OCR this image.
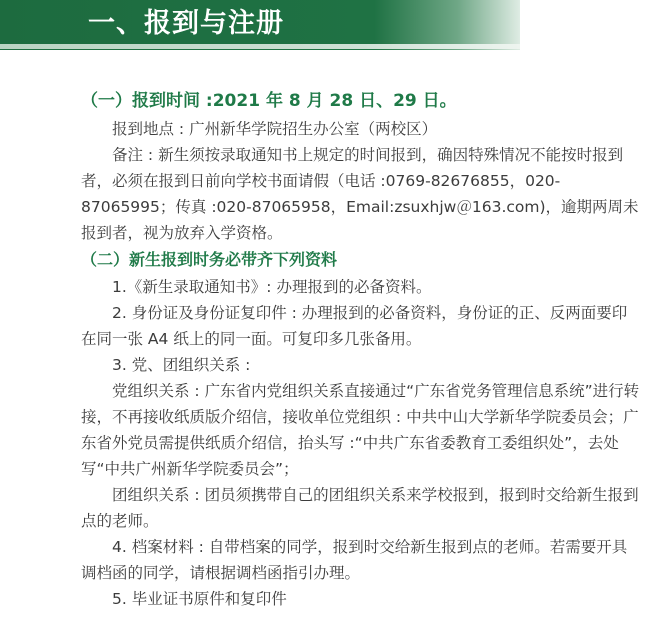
一、报到与注册

（一）报到时间 :2021 年 8 月 28 日、29 日。

报到地点 : 广州新华学院招生办公室（两校区）

备注 : 新生须按录取通知书上规定的时间报到，确因特殊情况不能按时报到者，必须在报到日前向学校书面请假（电话 :0769-82676855，020-87065995；传真 :020-87065958，Email:zsuxhjw＠163.com)，逾期两周未报到者，视为放弃入学资格。

（二）新生报到时务必带齐下列资料

1.《新生录取通知书》: 办理报到的必备资料。

2. 身份证及身份证复印件 : 办理报到的必备资料，身份证的正、反两面要印在同一张 A4 纸上的同一面。可复印多几张备用。

3. 党、团组织关系 :

党组织关系 : 广东省内党组织关系直接通过“广东省党务管理信息系统”进行转接，不再接收纸质版介绍信，接收单位党组织 : 中共中山大学新华学院委员会；广东省外党员需提供纸质介绍信，抬头写 :“中共广东省委教育工委组织处”，去处写“中共广州新华学院委员会”；

团组织关系 : 团员须携带自己的团组织关系来学校报到，报到时交给新生报到点的老师。

4. 档案材料 : 自带档案的同学，报到时交给新生报到点的老师。若需要开具调档函的同学，请根据调档函指引办理。

5. 毕业证书原件和复印件
